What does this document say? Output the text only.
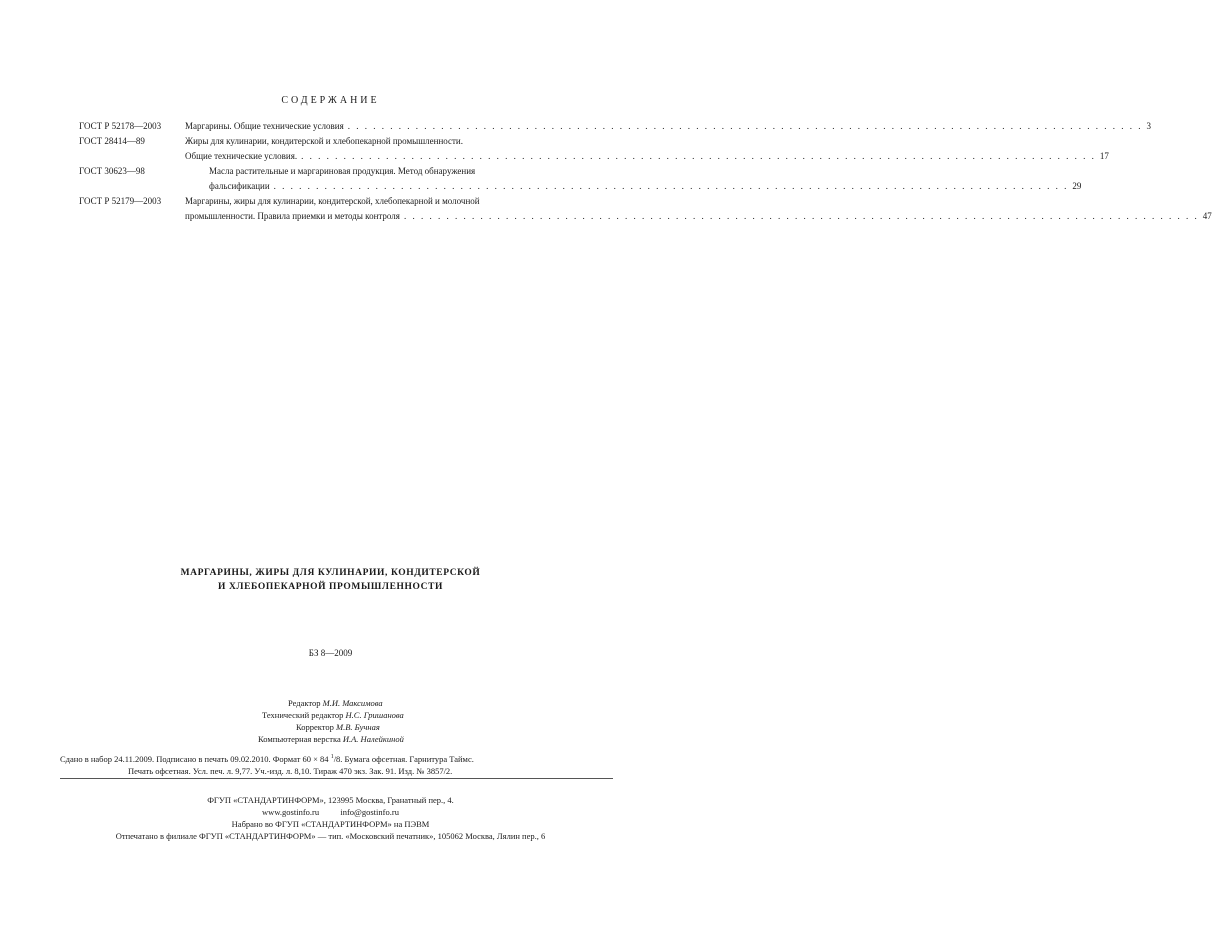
СОДЕРЖАНИЕ
ГОСТ Р 52178—2003	Маргарины. Общие технические условия . . .	3
ГОСТ 28414—89	Жиры для кулинарии, кондитерской и хлебопекарной промышленности.
Общие технические условия. . . .	17
ГОСТ 30623—98	Масла растительные и маргариновая продукция. Метод обнаружения
фальсификации . . .	29
ГОСТ Р 52179—2003	Маргарины, жиры для кулинарии, кондитерской, хлебопекарной и молочной
промышленности. Правила приемки и методы контроля . . .	47
МАРГАРИНЫ, ЖИРЫ ДЛЯ КУЛИНАРИИ, КОНДИТЕРСКОЙ
И ХЛЕБОПЕКАРНОЙ ПРОМЫШЛЕННОСТИ
БЗ 8—2009
Редактор М.И. Максимова
Технический редактор Н.С. Гришанова
Корректор М.В. Бучная
Компьютерная верстка И.А. Налейкиной
Сдано в набор 24.11.2009. Подписано в печать 09.02.2010. Формат 60 × 84 $^1$/8. Бумага офсетная. Гарнитура Таймс.
Печать офсетная. Усл. печ. л. 9,77. Уч.-изд. л. 8,10. Тираж 470 экз. Зак. 91. Изд. № 3857/2.
ФГУП «СТАНДАРТИНФОРМ», 123995 Москва, Гранатный пер., 4.
www.gostinfo.ru          info@gostinfo.ru
Набрано во ФГУП «СТАНДАРТИНФОРМ» на ПЭВМ
Отпечатано в филиале ФГУП «СТАНДАРТИНФОРМ» — тип. «Московский печатник», 105062 Москва, Лялин пер., 6
